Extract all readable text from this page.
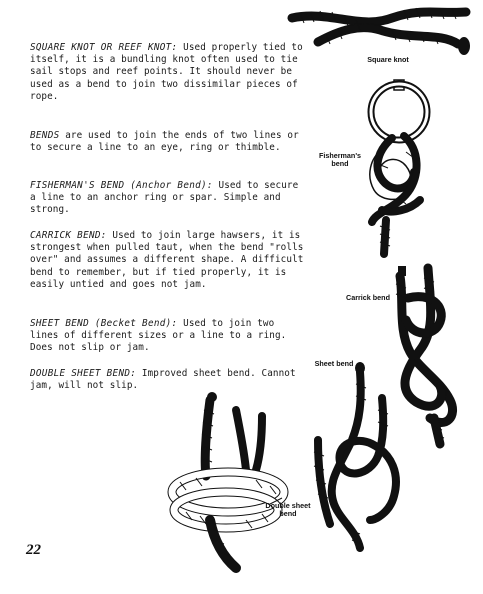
SQUARE KNOT OR REEF KNOT: Used properly tied to itself, it is a bundling knot often used to tie sail stops and reef points. It should never be used as a bend to join two dissimilar pieces of rope.

BENDS are used to join the ends of two lines or to secure a line to an eye, ring or thimble.

FISHERMAN'S BEND (Anchor Bend): Used to secure a line to an anchor ring or spar. Simple and strong.

CARRICK BEND: Used to join large hawsers, it is strongest when pulled taut, when the bend "rolls over" and assumes a different shape. A difficult bend to remember, but if tied properly, it is easily untied and goes not jam.

SHEET BEND (Becket Bend): Used to join two lines of different sizes or a line to a ring. Does not slip or jam.

DOUBLE SHEET BEND: Improved sheet bend. Cannot jam, will not slip.

Square knot
Fisherman's bend
Carrick bend
Sheet bend
Double sheet bend
22
